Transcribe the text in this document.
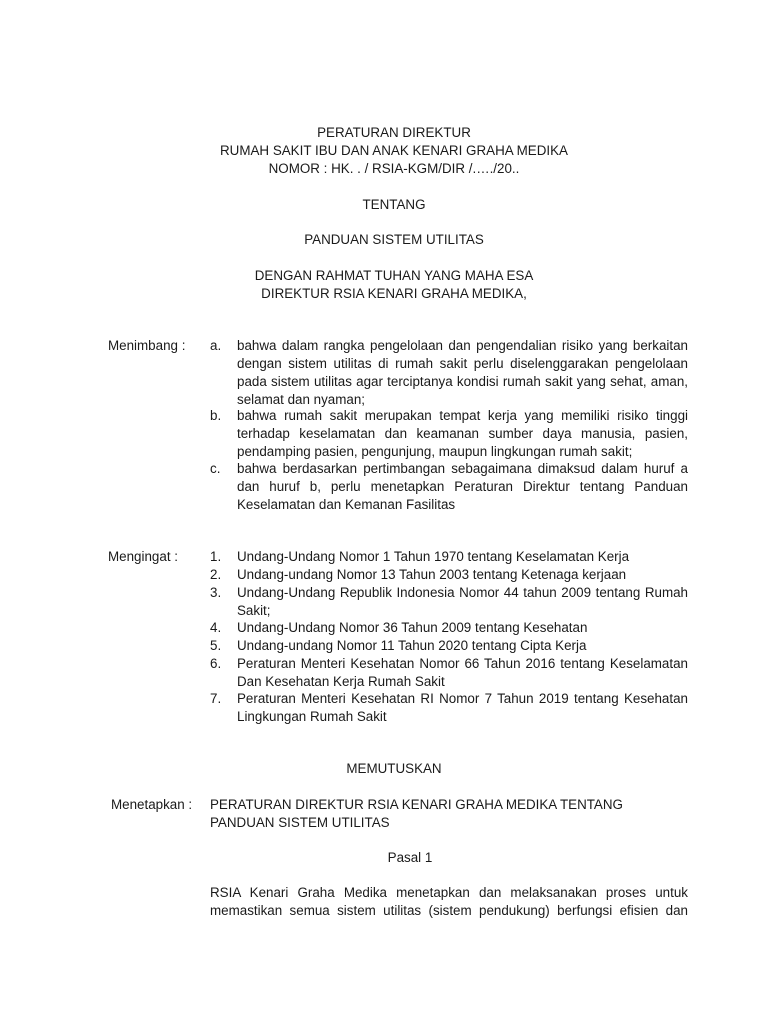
PERATURAN DIREKTUR
RUMAH SAKIT IBU DAN ANAK KENARI GRAHA MEDIKA
NOMOR : HK. . / RSIA-KGM/DIR /.…./20..
TENTANG
PANDUAN SISTEM UTILITAS
DENGAN RAHMAT TUHAN YANG MAHA ESA
DIREKTUR RSIA KENARI GRAHA MEDIKA,
Menimbang : a. bahwa dalam rangka pengelolaan dan pengendalian risiko yang berkaitan dengan sistem utilitas di rumah sakit perlu diselenggarakan pengelolaan pada sistem utilitas agar terciptanya kondisi rumah sakit yang sehat, aman, selamat dan nyaman;
b. bahwa rumah sakit merupakan tempat kerja yang memiliki risiko tinggi terhadap keselamatan dan keamanan sumber daya manusia, pasien, pendamping pasien, pengunjung, maupun lingkungan rumah sakit;
c. bahwa berdasarkan pertimbangan sebagaimana dimaksud dalam huruf a dan huruf b, perlu menetapkan Peraturan Direktur tentang Panduan Keselamatan dan Kemanan Fasilitas
Mengingat : 1. Undang-Undang Nomor 1 Tahun 1970 tentang Keselamatan Kerja
2. Undang-undang Nomor 13 Tahun 2003 tentang Ketenaga kerjaan
3. Undang-Undang Republik Indonesia Nomor 44 tahun 2009 tentang Rumah Sakit;
4. Undang-Undang Nomor 36 Tahun 2009 tentang Kesehatan
5. Undang-undang Nomor 11 Tahun 2020 tentang Cipta Kerja
6. Peraturan Menteri Kesehatan Nomor 66 Tahun 2016 tentang Keselamatan Dan Kesehatan Kerja Rumah Sakit
7. Peraturan Menteri Kesehatan RI Nomor 7 Tahun 2019 tentang Kesehatan Lingkungan Rumah Sakit
MEMUTUSKAN
Menetapkan : PERATURAN DIREKTUR RSIA KENARI GRAHA MEDIKA TENTANG PANDUAN SISTEM UTILITAS
Pasal 1
RSIA Kenari Graha Medika menetapkan dan melaksanakan proses untuk memastikan semua sistem utilitas (sistem pendukung) berfungsi efisien dan
